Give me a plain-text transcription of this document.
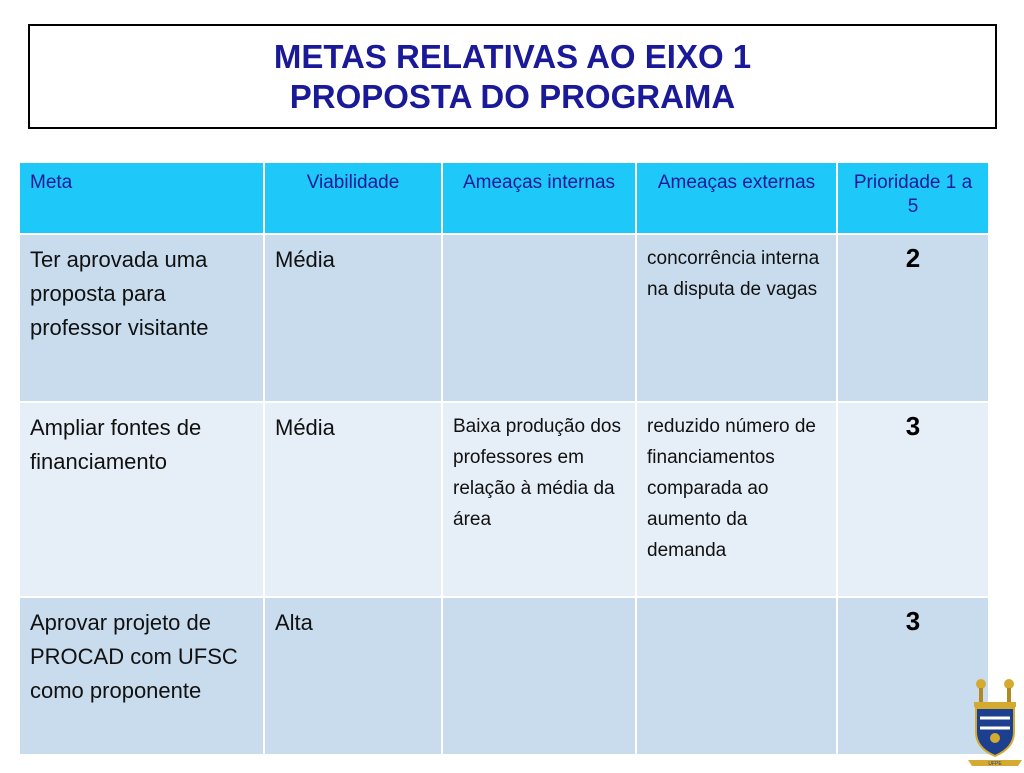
METAS RELATIVAS AO EIXO 1
PROPOSTA DO PROGRAMA
Meta	Viabilidade	Ameaças internas	Ameaças externas	Prioridade 1 a 5
Ter aprovada uma proposta para professor visitante	Média		concorrência interna na disputa de vagas	2
Ampliar fontes de financiamento	Média	Baixa produção dos professores em relação à média da área	reduzido número de financiamentos comparada ao aumento da demanda	3
Aprovar projeto de PROCAD com UFSC como proponente	Alta			3
UFPE
